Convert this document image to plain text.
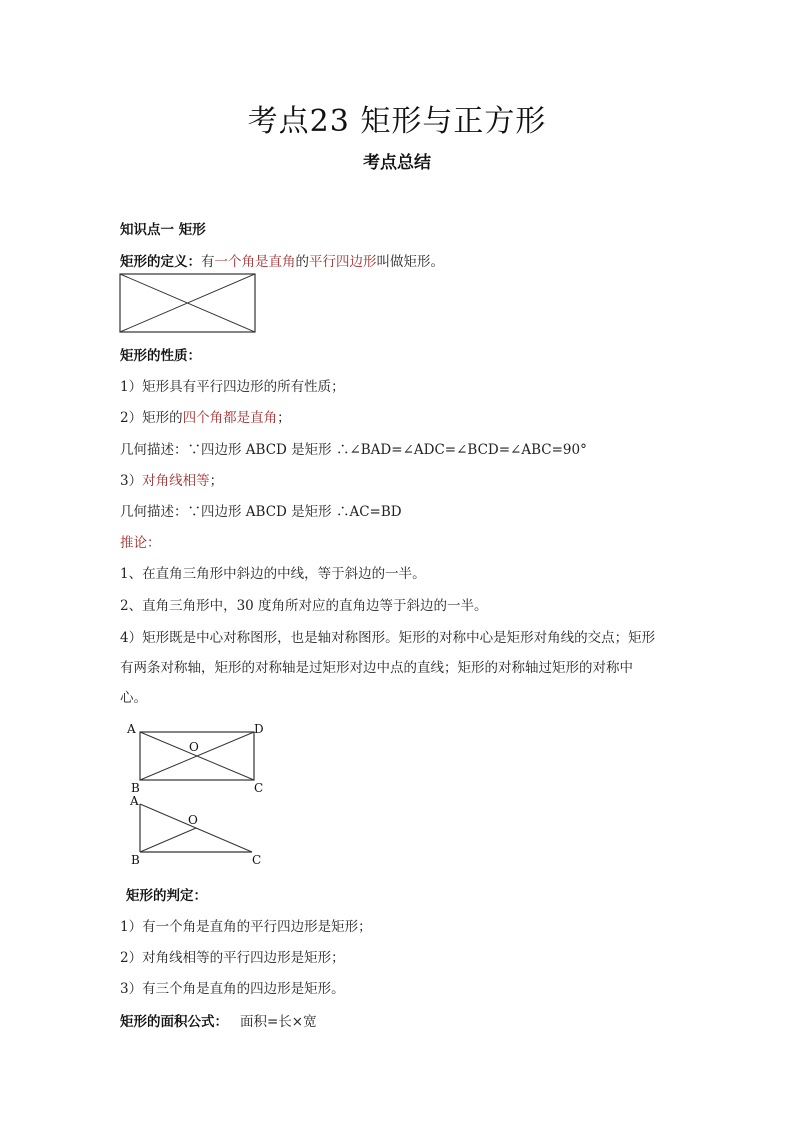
考点23 矩形与正方形
考点总结
知识点一 矩形
矩形的定义：有一个角是直角的平行四边形叫做矩形。
矩形的性质：
1）矩形具有平行四边形的所有性质；
2）矩形的四个角都是直角；
几何描述：∵四边形 ABCD 是矩形 ∴∠BAD=∠ADC=∠BCD=∠ABC=90°
3）对角线相等；
几何描述：∵四边形 ABCD 是矩形 ∴AC=BD
推论：
1、在直角三角形中斜边的中线，等于斜边的一半。
2、直角三角形中，30 度角所对应的直角边等于斜边的一半。
4）矩形既是中心对称图形，也是轴对称图形。矩形的对称中心是矩形对角线的交点；矩形
有两条对称轴，矩形的对称轴是过矩形对边中点的直线；矩形的对称轴过矩形的对称中
心。
A	D
O
B	C
A
O
B	C
矩形的判定：
1）有一个角是直角的平行四边形是矩形；
2）对角线相等的平行四边形是矩形；
3）有三个角是直角的四边形是矩形。
矩形的面积公式： 面积=长×宽
